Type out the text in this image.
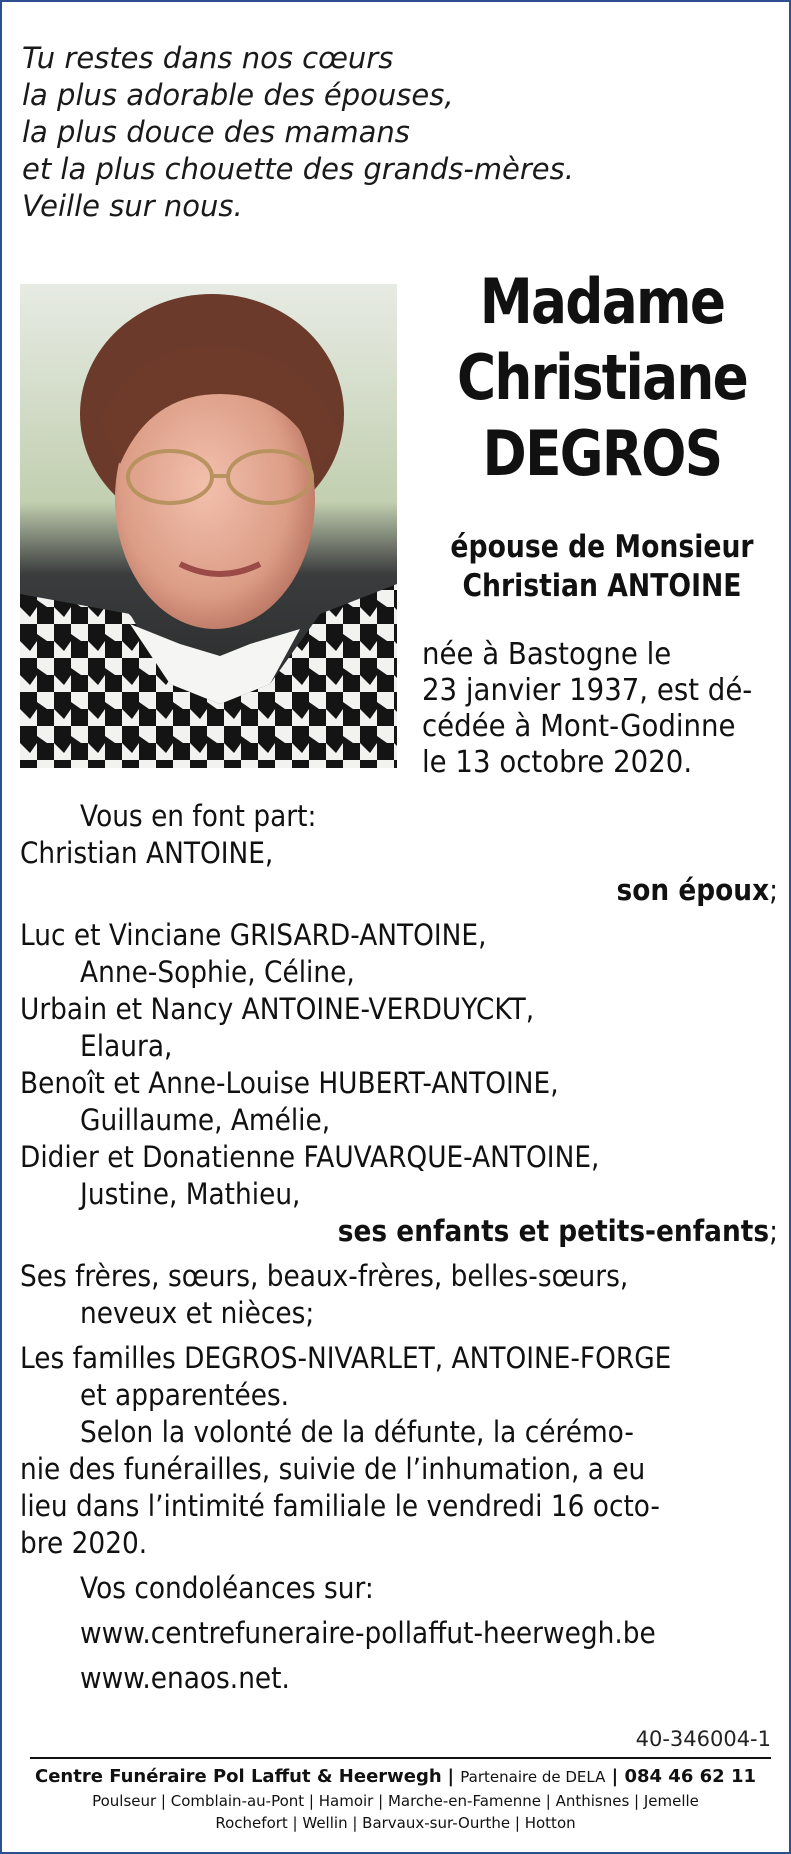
Tu restes dans nos cœurs
la plus adorable des épouses,
la plus douce des mamans
et la plus chouette des grands-mères.
Veille sur nous.
Madame
Christiane
DEGROS
épouse de Monsieur
Christian ANTOINE
née à Bastogne le
23 janvier 1937, est dé-
cédée à Mont-Godinne
le 13 octobre 2020.
Vous en font part:
Christian ANTOINE,
son époux;
Luc et Vinciane GRISARD-ANTOINE,
Anne-Sophie, Céline,
Urbain et Nancy ANTOINE-VERDUYCKT,
Elaura,
Benoît et Anne-Louise HUBERT-ANTOINE,
Guillaume, Amélie,
Didier et Donatienne FAUVARQUE-ANTOINE,
Justine, Mathieu,
ses enfants et petits-enfants;
Ses frères, sœurs, beaux-frères, belles-sœurs,
neveux et nièces;
Les familles DEGROS-NIVARLET, ANTOINE-FORGE
et apparentées.
Selon la volonté de la défunte, la cérémo-
nie des funérailles, suivie de l’inhumation, a eu
lieu dans l’intimité familiale le vendredi 16 octo-
bre 2020.
Vos condoléances sur:
www.centrefuneraire-pollaffut-heerwegh.be
www.enaos.net.
40-346004-1
Centre Funéraire Pol Laffut & Heerwegh | Partenaire de DELA | 084 46 62 11
Poulseur | Comblain-au-Pont | Hamoir | Marche-en-Famenne | Anthisnes | Jemelle
Rochefort | Wellin | Barvaux-sur-Ourthe | Hotton
